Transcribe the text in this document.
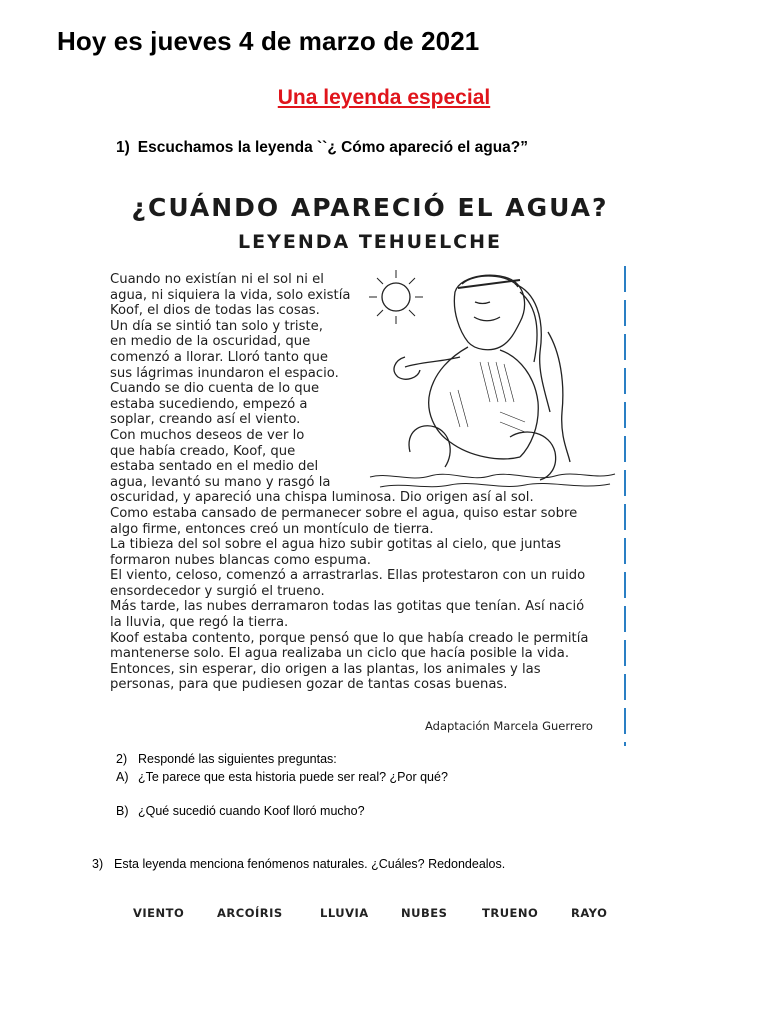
Hoy es jueves 4 de marzo de 2021
Una leyenda especial
1) Escuchamos la leyenda ``¿ Cómo apareció el agua?”
¿CUÁNDO APARECIÓ EL AGUA?
LEYENDA TEHUELCHE
Cuando no existían ni el sol ni el
agua, ni siquiera la vida, solo existía
Koof, el dios de todas las cosas.
Un día se sintió tan solo y triste,
en medio de la oscuridad, que
comenzó a llorar. Lloró tanto que
sus lágrimas inundaron el espacio.
Cuando se dio cuenta de lo que
estaba sucediendo, empezó a
soplar, creando así el viento.
Con muchos deseos de ver lo
que había creado, Koof, que
estaba sentado en el medio del
agua, levantó su mano y rasgó la
oscuridad, y apareció una chispa luminosa. Dio origen así al sol.
Como estaba cansado de permanecer sobre el agua, quiso estar sobre
algo firme, entonces creó un montículo de tierra.
La tibieza del sol sobre el agua hizo subir gotitas al cielo, que juntas
formaron nubes blancas como espuma.
El viento, celoso, comenzó a arrastrarlas. Ellas protestaron con un ruido
ensordecedor y surgió el trueno.
Más tarde, las nubes derramaron todas las gotitas que tenían. Así nació
la lluvia, que regó la tierra.
Koof estaba contento, porque pensó que lo que había creado le permitía
mantenerse solo. El agua realizaba un ciclo que hacía posible la vida.
Entonces, sin esperar, dio origen a las plantas, los animales y las
personas, para que pudiesen gozar de tantas cosas buenas.
Adaptación Marcela Guerrero
2) Respondé las siguientes preguntas:
A) ¿Te parece que esta historia puede ser real? ¿Por qué?
B) ¿Qué sucedió cuando Koof lloró mucho?
3) Esta leyenda menciona fenómenos naturales. ¿Cuáles? Redondealos.
VIENTO	ARCOÍRIS	LLUVIA	NUBES	TRUENO	RAYO
